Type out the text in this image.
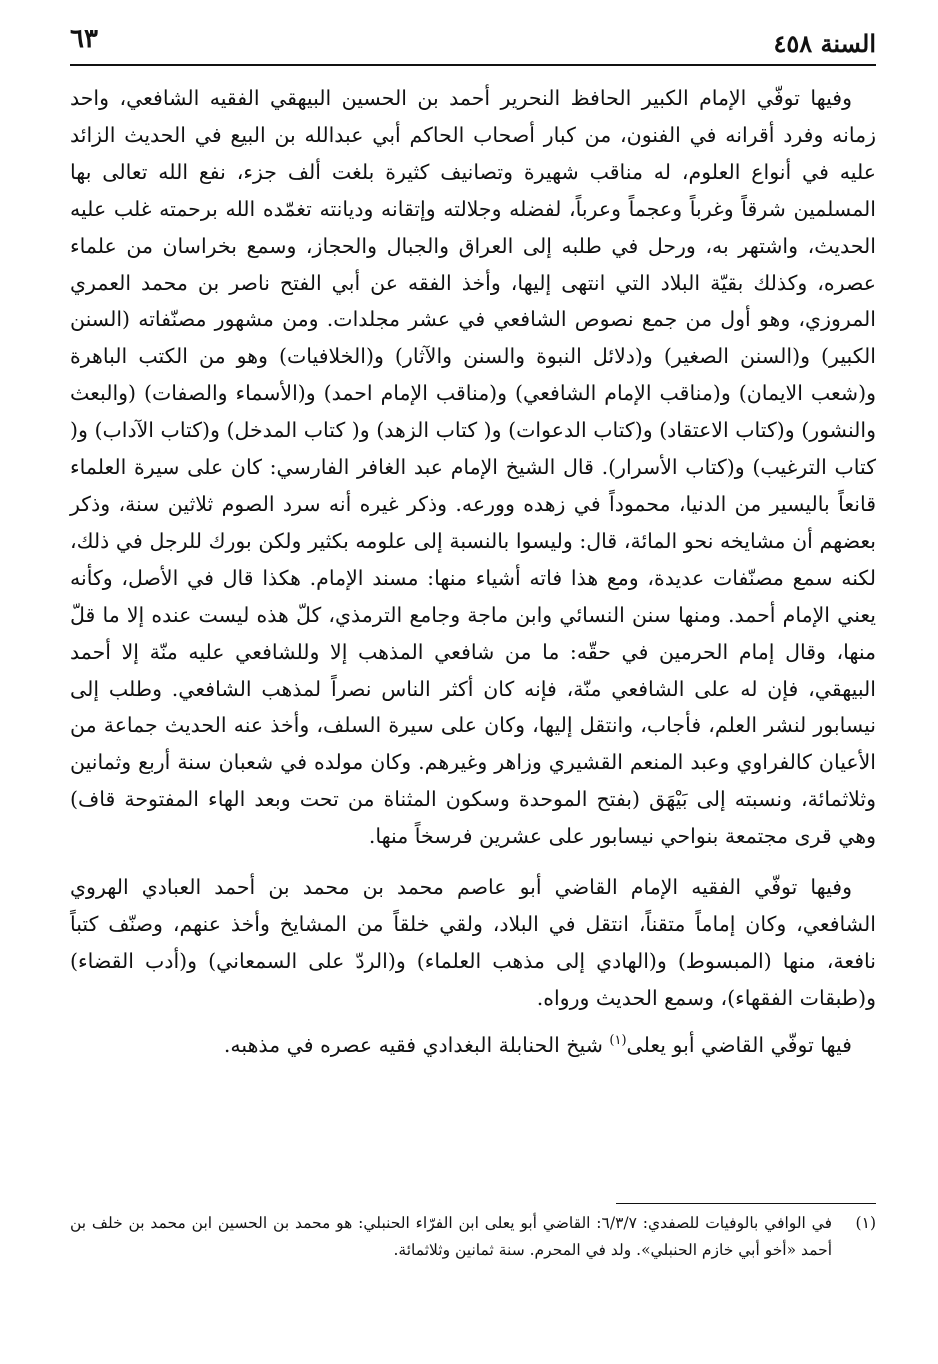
السنة ٤٥٨
٦٣

وفيها توفّي الإمام الكبير الحافظ النحرير أحمد بن الحسين البيهقي الفقيه الشافعي، واحد زمانه وفرد أقرانه في الفنون، من كبار أصحاب الحاكم أبي عبدالله بن البيع في الحديث الزائد عليه في أنواع العلوم، له مناقب شهيرة وتصانيف كثيرة بلغت ألف جزء، نفع الله تعالى بها المسلمين شرقاً وغرباً وعجماً وعرباً، لفضله وجلالته وإتقانه وديانته تغمّده الله برحمته غلب عليه الحديث، واشتهر به، ورحل في طلبه إلى العراق والجبال والحجاز، وسمع بخراسان من علماء عصره، وكذلك بقيّة البلاد التي انتهى إليها، وأخذ الفقه عن أبي الفتح ناصر بن محمد العمري المروزي، وهو أول من جمع نصوص الشافعي في عشر مجلدات. ومن مشهور مصنّفاته (السنن الكبير) و(السنن الصغير) و(دلائل النبوة والسنن والآثار) و(الخلافيات) وهو من الكتب الباهرة و(شعب الايمان) و(مناقب الإمام الشافعي) و(مناقب الإمام احمد) و(الأسماء والصفات) (والبعث والنشور) و(كتاب الاعتقاد) و(كتاب الدعوات) و( كتاب الزهد) و( كتاب المدخل) و(كتاب الآداب) و( كتاب الترغيب) و(كتاب الأسرار). قال الشيخ الإمام عبد الغافر الفارسي: كان على سيرة العلماء قانعاً باليسير من الدنيا، محموداً في زهده وورعه. وذكر غيره أنه سرد الصوم ثلاثين سنة، وذكر بعضهم أن مشايخه نحو المائة، قال: وليسوا بالنسبة إلى علومه بكثير ولكن بورك للرجل في ذلك، لكنه سمع مصنّفات عديدة، ومع هذا فاته أشياء منها: مسند الإمام. هكذا قال في الأصل، وكأنه يعني الإمام أحمد. ومنها سنن النسائي وابن ماجة وجامع الترمذي، كلّ هذه ليست عنده إلا ما قلّ منها، وقال إمام الحرمين في حقّه: ما من شافعي المذهب إلا وللشافعي عليه منّة إلا أحمد البيهقي، فإن له على الشافعي منّة، فإنه كان أكثر الناس نصراً لمذهب الشافعي. وطلب إلى نيسابور لنشر العلم، فأجاب، وانتقل إليها، وكان على سيرة السلف، وأخذ عنه الحديث جماعة من الأعيان كالفراوي وعبد المنعم القشيري وزاهر وغيرهم. وكان مولده في شعبان سنة أربع وثمانين وثلاثمائة، ونسبته إلى بَيْهَق (بفتح الموحدة وسكون المثناة من تحت وبعد الهاء المفتوحة قاف) وهي قرى مجتمعة بنواحي نيسابور على عشرين فرسخاً منها.

وفيها توفّي الفقيه الإمام القاضي أبو عاصم محمد بن محمد بن أحمد العبادي الهروي الشافعي، وكان إماماً متقناً، انتقل في البلاد، ولقي خلقاً من المشايخ وأخذ عنهم، وصنّف كتباً نافعة، منها (المبسوط) و(الهادي إلى مذهب العلماء) و(الردّ على السمعاني) و(أدب القضاء) و(طبقات الفقهاء)، وسمع الحديث ورواه.

فيها توفّي القاضي أبو يعلى$^{(١)}$ شيخ الحنابلة البغدادي فقيه عصره في مذهبه.

(١)
في الوافي بالوفيات للصفدي: ٦/٣/٧: القاضي أبو يعلى ابن الفرّاء الحنبلي: هو محمد بن الحسين ابن محمد بن خلف بن أحمد «أخو أبي خازم الحنبلي». ولد في المحرم. سنة ثمانين وثلاثمائة.
